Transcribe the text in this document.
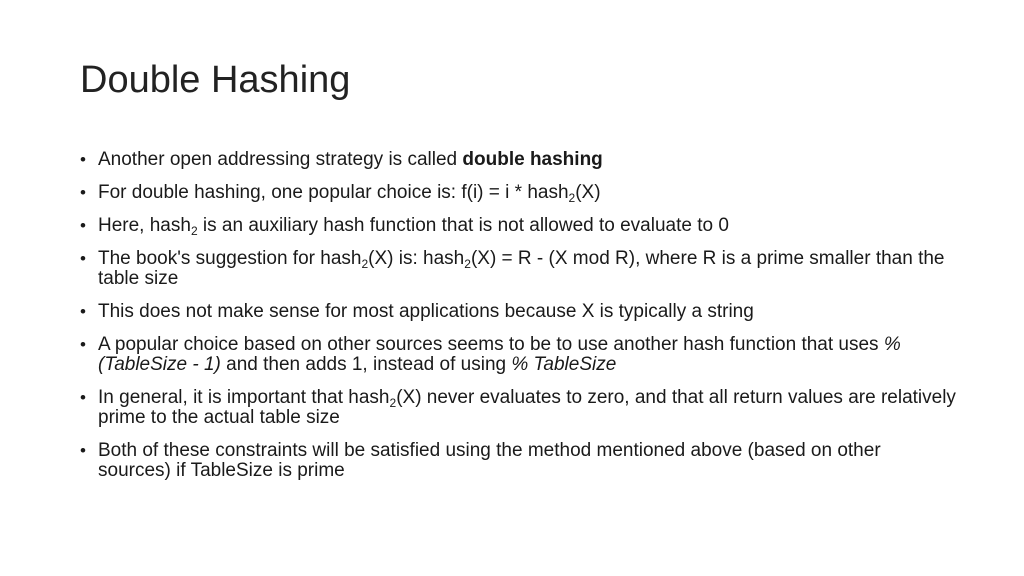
Double Hashing
• Another open addressing strategy is called double hashing
• For double hashing, one popular choice is: f(i) = i * hash$_2$(X)
• Here, hash$_2$ is an auxiliary hash function that is not allowed to evaluate to 0
• The book's suggestion for hash$_2$(X) is: hash$_2$(X) = R - (X mod R), where R is a prime smaller than the table size
• This does not make sense for most applications because X is typically a string
• A popular choice based on other sources seems to be to use another hash function that uses % (TableSize - 1) and then adds 1, instead of using % TableSize
• In general, it is important that hash$_2$(X) never evaluates to zero, and that all return values are relatively prime to the actual table size
• Both of these constraints will be satisfied using the method mentioned above (based on other sources) if TableSize is prime
